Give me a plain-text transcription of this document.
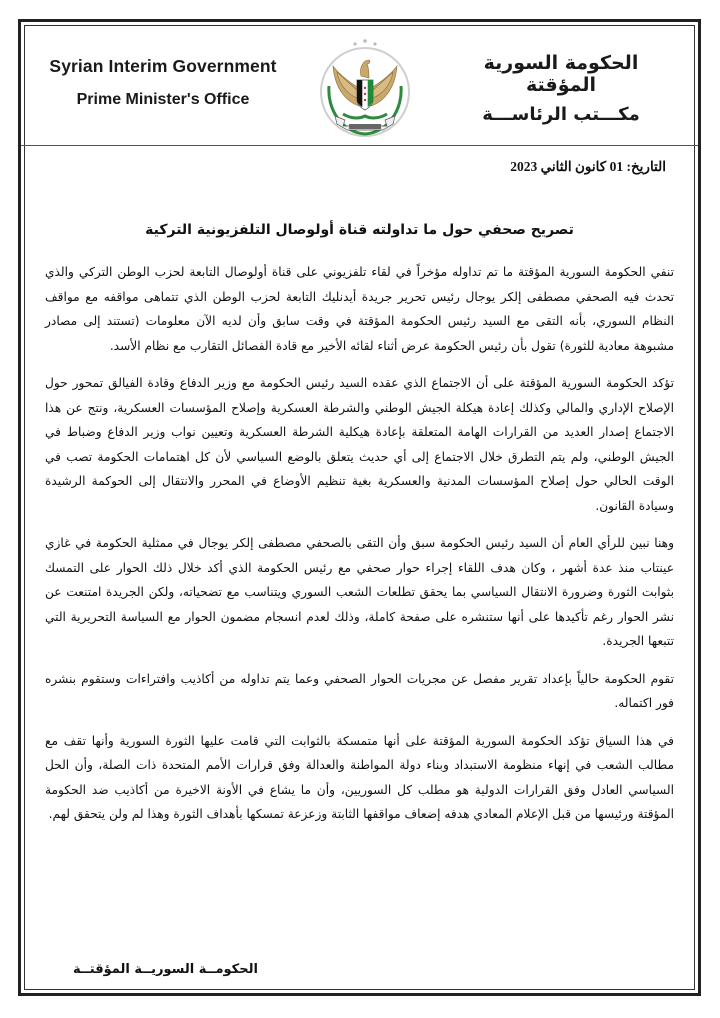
Syrian Interim Government
Prime Minister's Office
الحكومة السورية المؤقتة
مكـــتب الرئاســـة
التاريخ: 01 كانون الثاني 2023
تصريح صحفي حول ما تداولته قناة أولوصال التلفزيونية التركية

تنفي الحكومة السورية المؤقتة ما تم تداوله مؤخراً في لقاء تلفزيوني على قناة أولوصال التابعة لحزب الوطن التركي والذي تحدث فيه الصحفي مصطفى إلكر يوجال رئيس تحرير جريدة أيدنليك التابعة لحزب الوطن الذي تتماهى مواقفه مع مواقف النظام السوري، بأنه التقى مع السيد رئيس الحكومة المؤقتة في وقت سابق وأن لديه الآن معلومات (تستند إلى مصادر مشبوهة معادية للثورة) تقول بأن رئيس الحكومة عرض أثناء لقائه الأخير مع قادة الفصائل التقارب مع نظام الأسد.

تؤكد الحكومة السورية المؤقتة على أن الاجتماع الذي عقده السيد رئيس الحكومة مع وزير الدفاع وقادة الفيالق تمحور حول الإصلاح الإداري والمالي وكذلك إعادة هيكلة الجيش الوطني والشرطة العسكرية وإصلاح المؤسسات العسكرية، ونتج عن هذا الاجتماع إصدار العديد من القرارات الهامة المتعلقة بإعادة هيكلية الشرطة العسكرية وتعيين نواب وزير الدفاع وضباط في الجيش الوطني، ولم يتم التطرق خلال الاجتماع إلى أي حديث يتعلق بالوضع السياسي لأن كل اهتمامات الحكومة تصب في الوقت الحالي حول إصلاح المؤسسات المدنية والعسكرية بغية تنظيم الأوضاع في المحرر والانتقال إلى الحوكمة الرشيدة وسيادة القانون.

وهنا نبين للرأي العام أن السيد رئيس الحكومة سبق وأن التقى بالصحفي مصطفى إلكر يوجال في ممثلية الحكومة في غازي عينتاب منذ عدة أشهر ، وكان هدف اللقاء إجراء حوار صحفي مع رئيس الحكومة الذي أكد خلال ذلك الحوار على التمسك بثوابت الثورة وضرورة الانتقال السياسي بما يحقق تطلعات الشعب السوري ويتناسب مع تضحياته، ولكن الجريدة امتنعت عن نشر الحوار رغم تأكيدها على أنها ستنشره على صفحة كاملة، وذلك لعدم انسجام مضمون الحوار مع السياسة التحريرية التي تتبعها الجريدة.

تقوم الحكومة حالياً بإعداد تقرير مفصل عن مجريات الحوار الصحفي وعما يتم تداوله من أكاذيب وافتراءات وستقوم بنشره فور اكتماله.

في هذا السياق تؤكد الحكومة السورية المؤقتة على أنها متمسكة بالثوابت التي قامت عليها الثورة السورية وأنها تقف مع مطالب الشعب في إنهاء منظومة الاستبداد وبناء دولة المواطنة والعدالة وفق قرارات الأمم المتحدة ذات الصلة، وأن الحل السياسي العادل وفق القرارات الدولية هو مطلب كل السوريين، وأن ما يشاع في الأونة الاخيرة من أكاذيب ضد الحكومة المؤقتة ورئيسها من قبل الإعلام المعادي هدفه إضعاف مواقفها الثابتة وزعزعة تمسكها بأهداف الثورة وهذا لم ولن يتحقق لهم.

الحكومــة السوريــة المؤقتــة
